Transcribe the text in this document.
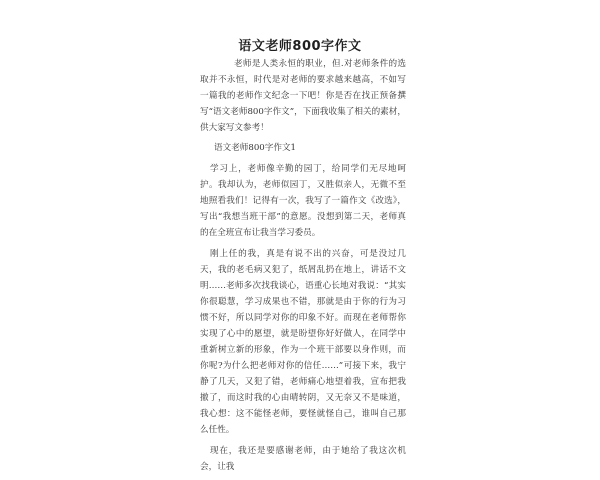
语文老师800字作文

老师是人类永恒的职业，但.对老师条件的选取并不永恒，时代是对老师的要求越来越高，不如写一篇我的老师作文纪念一下吧！你是否在找正预备撰写“语文老师800字作文”，下面我收集了相关的素材，供大家写文参考！

语文老师800字作文1

学习上，老师像辛勤的园丁，给同学们无尽地呵护。我却认为，老师似园丁，又胜似亲人，无微不至地照看我们！记得有一次，我写了一篇作文《改选》，写出“我想当班干部”的意愿。没想到第二天，老师真的在全班宣布让我当学习委员。

刚上任的我，真是有说不出的兴奋，可是没过几天，我的老毛病又犯了，纸屑乱扔在地上，讲话不文明……老师多次找我谈心，语重心长地对我说：“其实你很聪慧，学习成果也不错，那就是由于你的行为习惯不好，所以同学对你的印象不好。而现在老师帮你实现了心中的愿望，就是盼望你好好做人，在同学中重新树立新的形象，作为一个班干部要以身作则，而你呢?为什么把老师对你的信任……”可接下来，我宁静了几天，又犯了错，老师痛心地望着我，宣布把我撤了，而这时我的心由晴转阴，又无奈又不是味道，我心想：这不能怪老师，要怪就怪自己，谁叫自己那么任性。

现在，我还是要感谢老师，由于她给了我这次机会，让我
